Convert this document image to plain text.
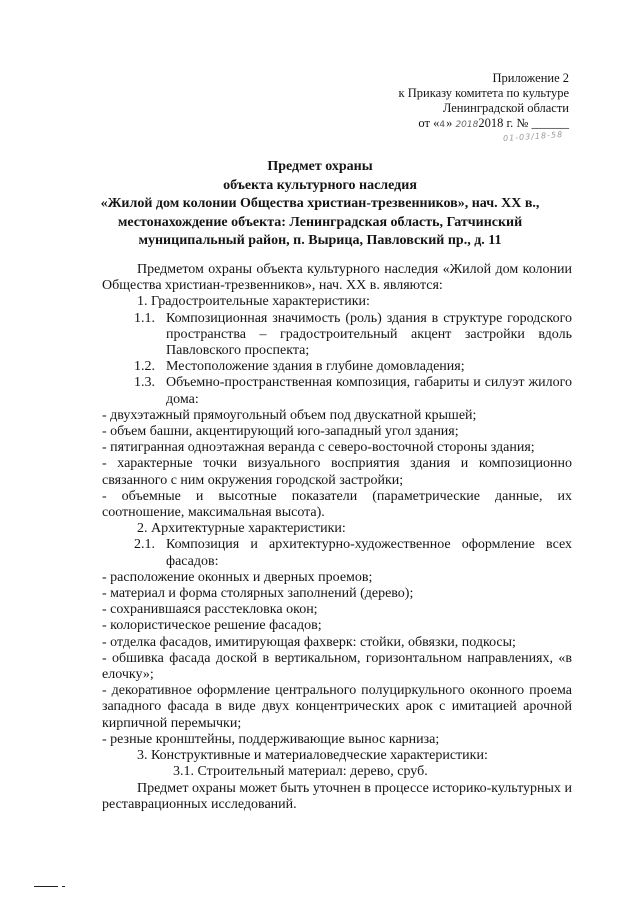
Приложение 2
к Приказу комитета по культуре
Ленинградской области
от «4» 20182018 г. № ______
01-03/18-58
Предмет охраны
объекта культурного наследия
«Жилой дом колонии Общества христиан-трезвенников», нач. XX в.,
местонахождение объекта: Ленинградская область, Гатчинский
муниципальный район, п. Вырица, Павловский пр., д. 11
Предметом охраны объекта культурного наследия «Жилой дом колонии Общества христиан-трезвенников», нач. XX в. являются:
1. Градостроительные характеристики:
1.1. Композиционная значимость (роль) здания в структуре городского пространства – градостроительный акцент застройки вдоль Павловского проспекта;
1.2. Местоположение здания в глубине домовладения;
1.3. Объемно-пространственная композиция, габариты и силуэт жилого дома:
- двухэтажный прямоугольный объем под двускатной крышей;
- объем башни, акцентирующий юго-западный угол здания;
- пятигранная одноэтажная веранда с северо-восточной стороны здания;
- характерные точки визуального восприятия здания и композиционно связанного с ним окружения городской застройки;
- объемные и высотные показатели (параметрические данные, их соотношение, максимальная высота).
2. Архитектурные характеристики:
2.1. Композиция и архитектурно-художественное оформление всех фасадов:
- расположение оконных и дверных проемов;
- материал и форма столярных заполнений (дерево);
- сохранившаяся расстекловка окон;
- колористическое решение фасадов;
- отделка фасадов, имитирующая фахверк: стойки, обвязки, подкосы;
- обшивка фасада доской в вертикальном, горизонтальном направлениях, «в елочку»;
- декоративное оформление центрального полуциркульного оконного проема западного фасада в виде двух концентрических арок с имитацией арочной кирпичной перемычки;
- резные кронштейны, поддерживающие вынос карниза;
3. Конструктивные и материаловедческие характеристики:
3.1. Строительный материал: дерево, сруб.
Предмет охраны может быть уточнен в процессе историко-культурных и реставрационных исследований.
